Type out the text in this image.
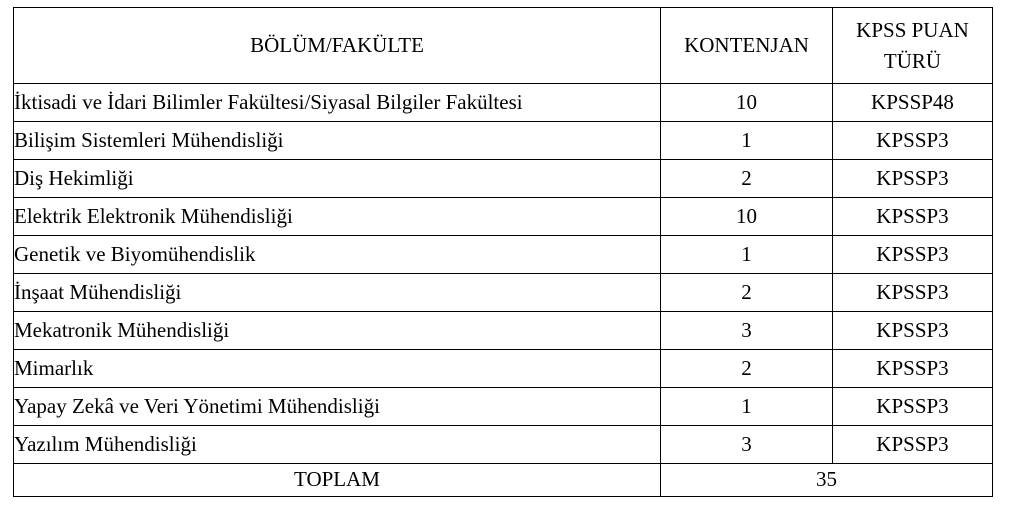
BÖLÜM/FAKÜLTE	KONTENJAN	KPSS PUAN
TÜRÜ
İktisadi ve İdari Bilimler Fakültesi/Siyasal Bilgiler Fakültesi	10	KPSSP48
Bilişim Sistemleri Mühendisliği	1	KPSSP3
Diş Hekimliği	2	KPSSP3
Elektrik Elektronik Mühendisliği	10	KPSSP3
Genetik ve Biyomühendislik	1	KPSSP3
İnşaat Mühendisliği	2	KPSSP3
Mekatronik Mühendisliği	3	KPSSP3
Mimarlık	2	KPSSP3
Yapay Zekâ ve Veri Yönetimi Mühendisliği	1	KPSSP3
Yazılım Mühendisliği	3	KPSSP3
TOPLAM	35	
